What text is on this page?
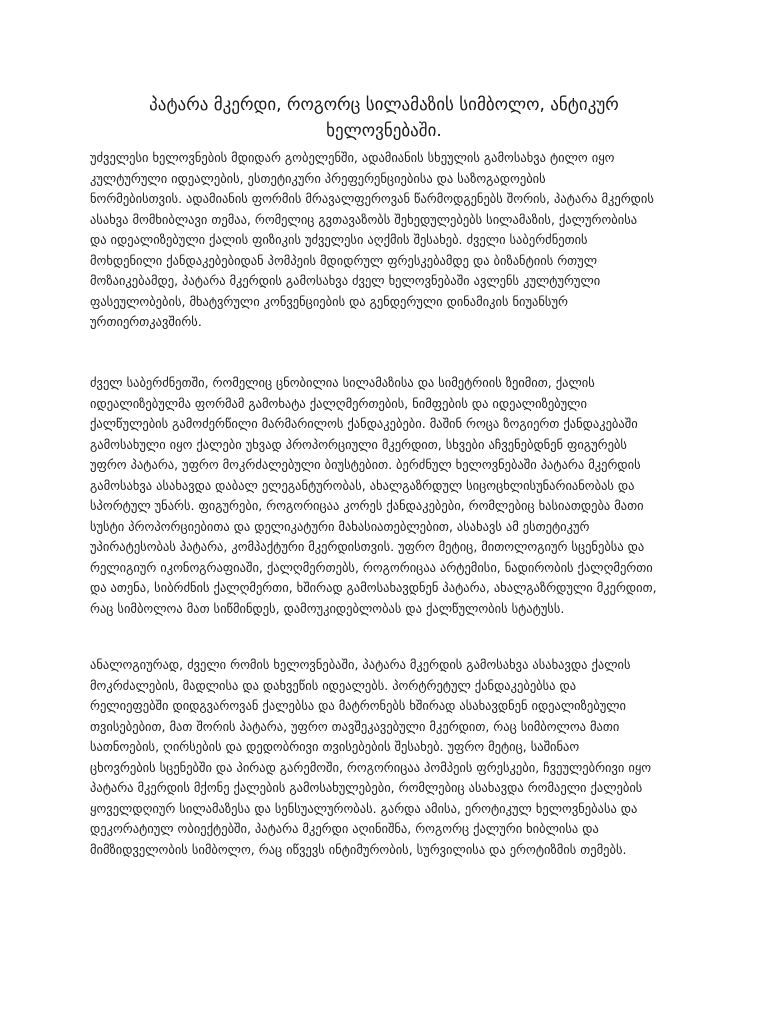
პატარა მკერდი, როგორც სილამაზის სიმბოლო, ანტიკურ
ხელოვნებაში.
უძველესი ხელოვნების მდიდარ გობელენში, ადამიანის სხეულის გამოსახვა ტილო იყო
კულტურული იდეალების, ესთეტიკური პრეფერენციებისა და საზოგადოების
ნორმებისთვის. ადამიანის ფორმის მრავალფეროვან წარმოდგენებს შორის, პატარა მკერდის
ასახვა მომხიბლავი თემაა, რომელიც გვთავაზობს შეხედულებებს სილამაზის, ქალურობისა
და იდეალიზებული ქალის ფიზიკის უძველესი აღქმის შესახებ. ძველი საბერძნეთის
მოხდენილი ქანდაკებებიდან პომპეის მდიდრულ ფრესკებამდე და ბიზანტიის რთულ
მოზაიკებამდე, პატარა მკერდის გამოსახვა ძველ ხელოვნებაში ავლენს კულტურული
ფასეულობების, მხატვრული კონვენციების და გენდერული დინამიკის ნიუანსურ
ურთიერთკავშირს.
ძველ საბერძნეთში, რომელიც ცნობილია სილამაზისა და სიმეტრიის ზეიმით, ქალის
იდეალიზებულმა ფორმამ გამოხატა ქალღმერთების, ნიმფების და იდეალიზებული
ქალწულების გამოძერწილი მარმარილოს ქანდაკებები. მაშინ როცა ზოგიერთ ქანდაკებაში
გამოსახული იყო ქალები უხვად პროპორციული მკერდით, სხვები აჩვენებდნენ ფიგურებს
უფრო პატარა, უფრო მოკრძალებული ბიუსტებით. ბერძნულ ხელოვნებაში პატარა მკერდის
გამოსახვა ასახავდა დაბალ ელეგანტურობას, ახალგაზრდულ სიცოცხლისუნარიანობას და
სპორტულ უნარს. ფიგურები, როგორიცაა კორეს ქანდაკებები, რომლებიც ხასიათდება მათი
სუსტი პროპორციებითა და დელიკატური მახასიათებლებით, ასახავს ამ ესთეტიკურ
უპირატესობას პატარა, კომპაქტური მკერდისთვის. უფრო მეტიც, მითოლოგიურ სცენებსა და
რელიგიურ იკონოგრაფიაში, ქალღმერთებს, როგორიცაა არტემისი, ნადირობის ქალღმერთი
და ათენა, სიბრძნის ქალღმერთი, ხშირად გამოსახავდნენ პატარა, ახალგაზრდული მკერდით,
რაც სიმბოლოა მათ სიწმინდეს, დამოუკიდებლობას და ქალწულობის სტატუსს.
ანალოგიურად, ძველი რომის ხელოვნებაში, პატარა მკერდის გამოსახვა ასახავდა ქალის
მოკრძალების, მადლისა და დახვეწის იდეალებს. პორტრეტულ ქანდაკებებსა და
რელიეფებში დიდგვაროვან ქალებსა და მატრონებს ხშირად ასახავდნენ იდეალიზებული
თვისებებით, მათ შორის პატარა, უფრო თავშეკავებული მკერდით, რაც სიმბოლოა მათი
სათნოების, ღირსების და დედობრივი თვისებების შესახებ. უფრო მეტიც, საშინაო
ცხოვრების სცენებში და პირად გარემოში, როგორიცაა პომპეის ფრესკები, ჩვეულებრივი იყო
პატარა მკერდის მქონე ქალების გამოსახულებები, რომლებიც ასახავდა რომაელი ქალების
ყოველდღიურ სილამაზესა და სენსუალურობას. გარდა ამისა, ეროტიკულ ხელოვნებასა და
დეკორატიულ ობიექტებში, პატარა მკერდი აღინიშნა, როგორც ქალური ხიბლისა და
მიმზიდველობის სიმბოლო, რაც იწვევს ინტიმურობის, სურვილისა და ეროტიზმის თემებს.
